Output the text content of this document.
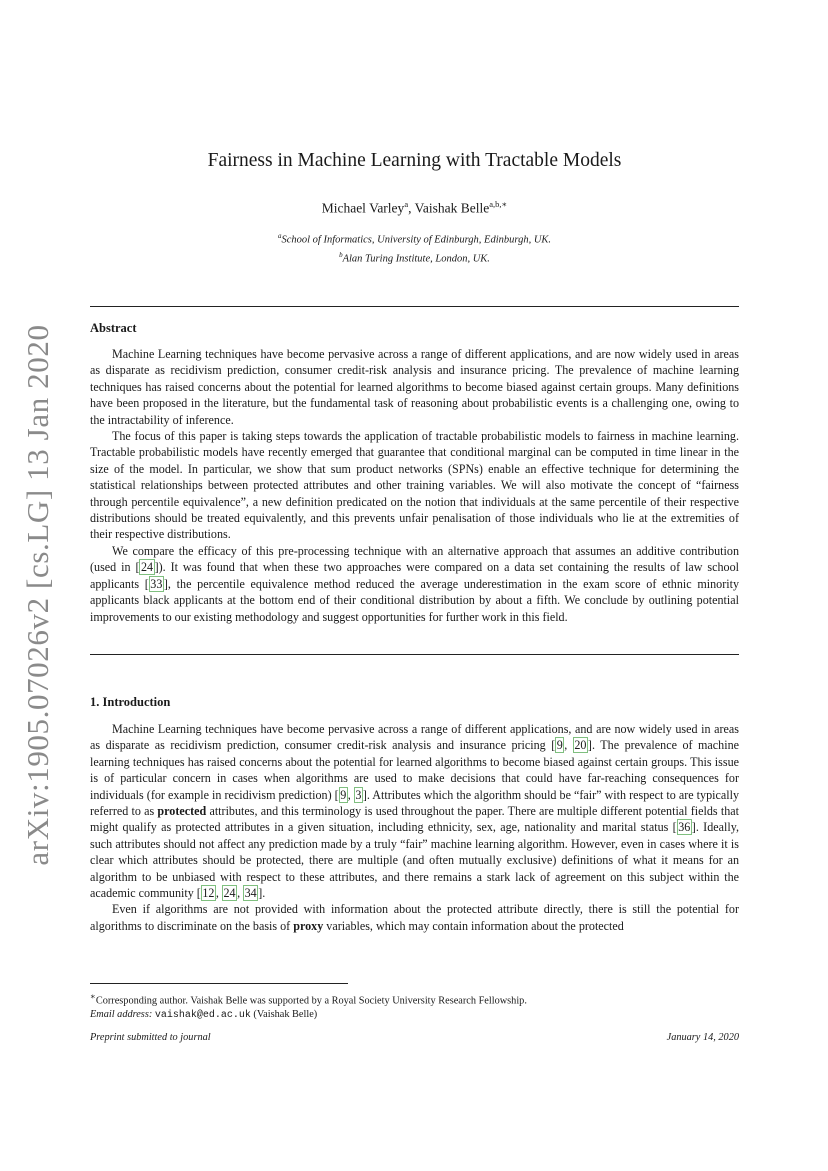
arXiv:1905.07026v2 [cs.LG] 13 Jan 2020
Fairness in Machine Learning with Tractable Models
Michael Varley$^a$, Vaishak Belle$^{a,b,∗}$
$^a$School of Informatics, University of Edinburgh, Edinburgh, UK.
$^b$Alan Turing Institute, London, UK.
Abstract

Machine Learning techniques have become pervasive across a range of different applications, and are now widely used in areas as disparate as recidivism prediction, consumer credit-risk analysis and insurance pricing. The prevalence of machine learning techniques has raised concerns about the potential for learned algorithms to become biased against certain groups. Many definitions have been proposed in the literature, but the fundamental task of reasoning about probabilistic events is a challenging one, owing to the intractability of inference.

The focus of this paper is taking steps towards the application of tractable probabilistic models to fairness in machine learning. Tractable probabilistic models have recently emerged that guarantee that conditional marginal can be computed in time linear in the size of the model. In particular, we show that sum product networks (SPNs) enable an effective technique for determining the statistical relationships between protected attributes and other training variables. We will also motivate the concept of “fairness through percentile equivalence”, a new definition predicated on the notion that individuals at the same percentile of their respective distributions should be treated equivalently, and this prevents unfair penalisation of those individuals who lie at the extremities of their respective distributions.

We compare the efficacy of this pre-processing technique with an alternative approach that assumes an additive contribution (used in [ 24 ]). It was found that when these two approaches were compared on a data set containing the results of law school applicants [ 33 ], the percentile equivalence method reduced the average underestimation in the exam score of ethnic minority applicants black applicants at the bottom end of their conditional distribution by about a fifth. We conclude by outlining potential improvements to our existing methodology and suggest opportunities for further work in this field.

1. Introduction

Machine Learning techniques have become pervasive across a range of different applications, and are now widely used in areas as disparate as recidivism prediction, consumer credit-risk analysis and insurance pricing [ 9 , 20 ]. The prevalence of machine learning techniques has raised concerns about the potential for learned algorithms to become biased against certain groups. This issue is of particular concern in cases when algorithms are used to make decisions that could have far-reaching consequences for individuals (for example in recidivism prediction) [ 9 , 3 ]. Attributes which the algorithm should be “fair” with respect to are typically referred to as protected attributes, and this terminology is used throughout the paper. There are multiple different potential fields that might qualify as protected attributes in a given situation, including ethnicity, sex, age, nationality and marital status [ 36 ]. Ideally, such attributes should not affect any prediction made by a truly “fair” machine learning algorithm. However, even in cases where it is clear which attributes should be protected, there are multiple (and often mutually exclusive) definitions of what it means for an algorithm to be unbiased with respect to these attributes, and there remains a stark lack of agreement on this subject within the academic community [ 12 , 24 , 34 ].

Even if algorithms are not provided with information about the protected attribute directly, there is still the potential for algorithms to discriminate on the basis of proxy variables, which may contain information about the protected

∗Corresponding author. Vaishak Belle was supported by a Royal Society University Research Fellowship.
Email address: vaishak@ed.ac.uk (Vaishak Belle)
Preprint submitted to journal	January 14, 2020
